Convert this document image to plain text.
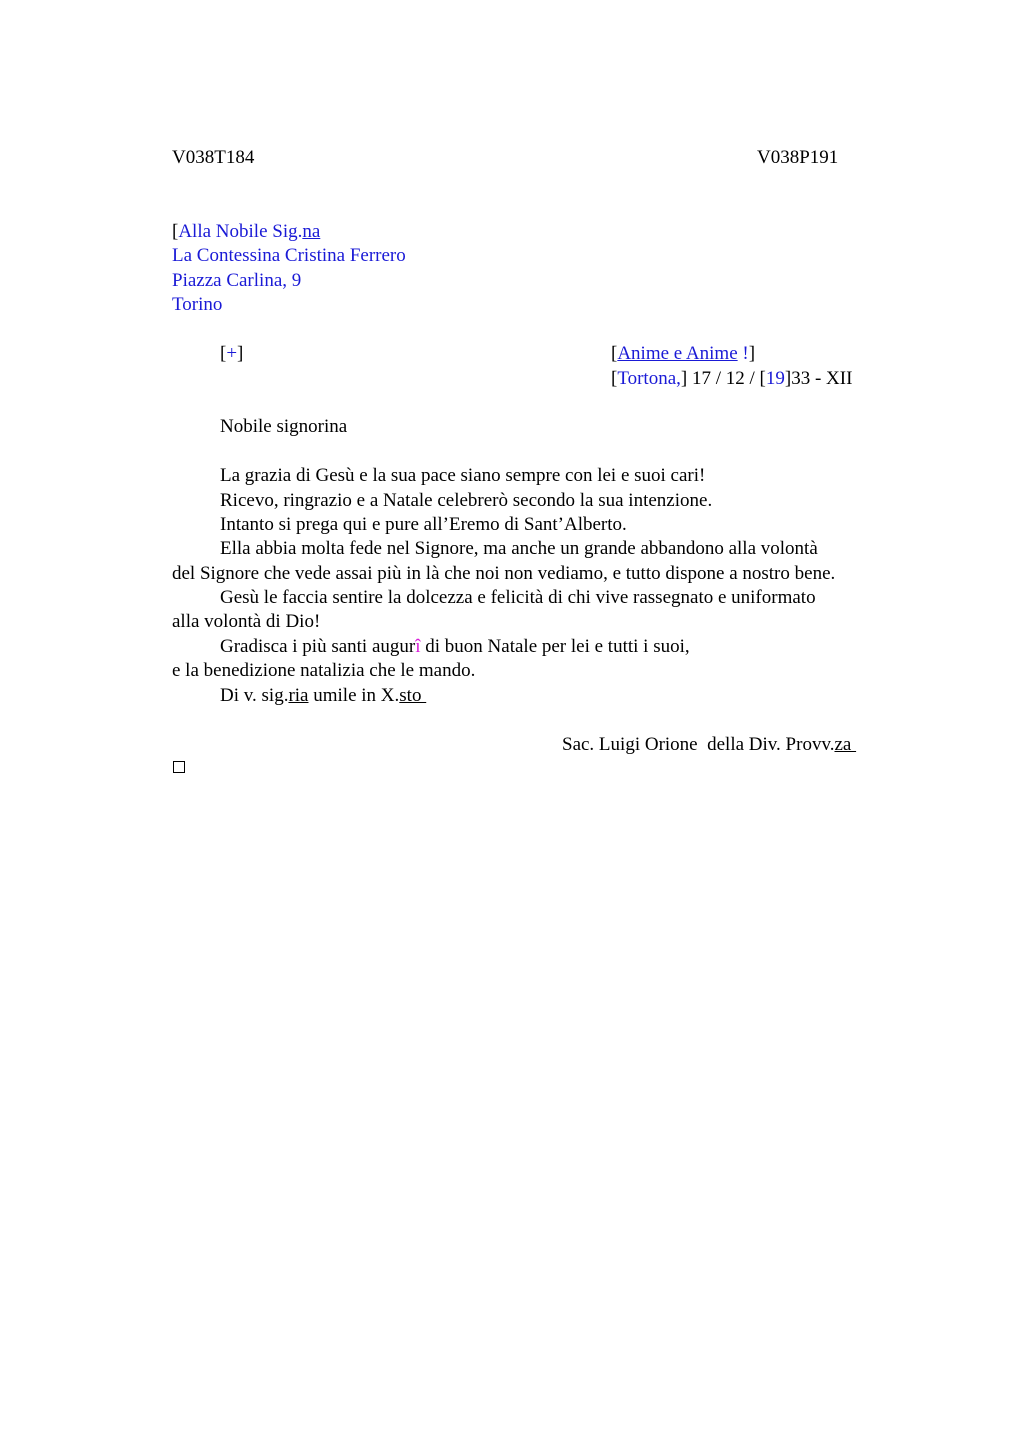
V038T184	V038P191
[Alla Nobile Sig.na
La Contessina Cristina Ferrero
Piazza Carlina, 9
Torino
[+]	[Anime e Anime !]
[Tortona,] 17 / 12 / [19]33 - XII
Nobile signorina
La grazia di Gesù e la sua pace siano sempre con lei e suoi cari!
Ricevo, ringrazio e a Natale celebrerò secondo la sua intenzione.
Intanto si prega qui e pure all’Eremo di Sant’Alberto.
Ella abbia molta fede nel Signore, ma anche un grande abbandono alla volontà
del Signore che vede assai più in là che noi non vediamo, e tutto dispone a nostro bene.
Gesù le faccia sentire la dolcezza e felicità di chi vive rassegnato e uniformato
alla volontà di Dio!
Gradisca i più santi augurî di buon Natale per lei e tutti i suoi,
e la benedizione natalizia che le mando.
Di v. sig.ria umile in X.sto
Sac. Luigi Orione  della Div. Provv.za
